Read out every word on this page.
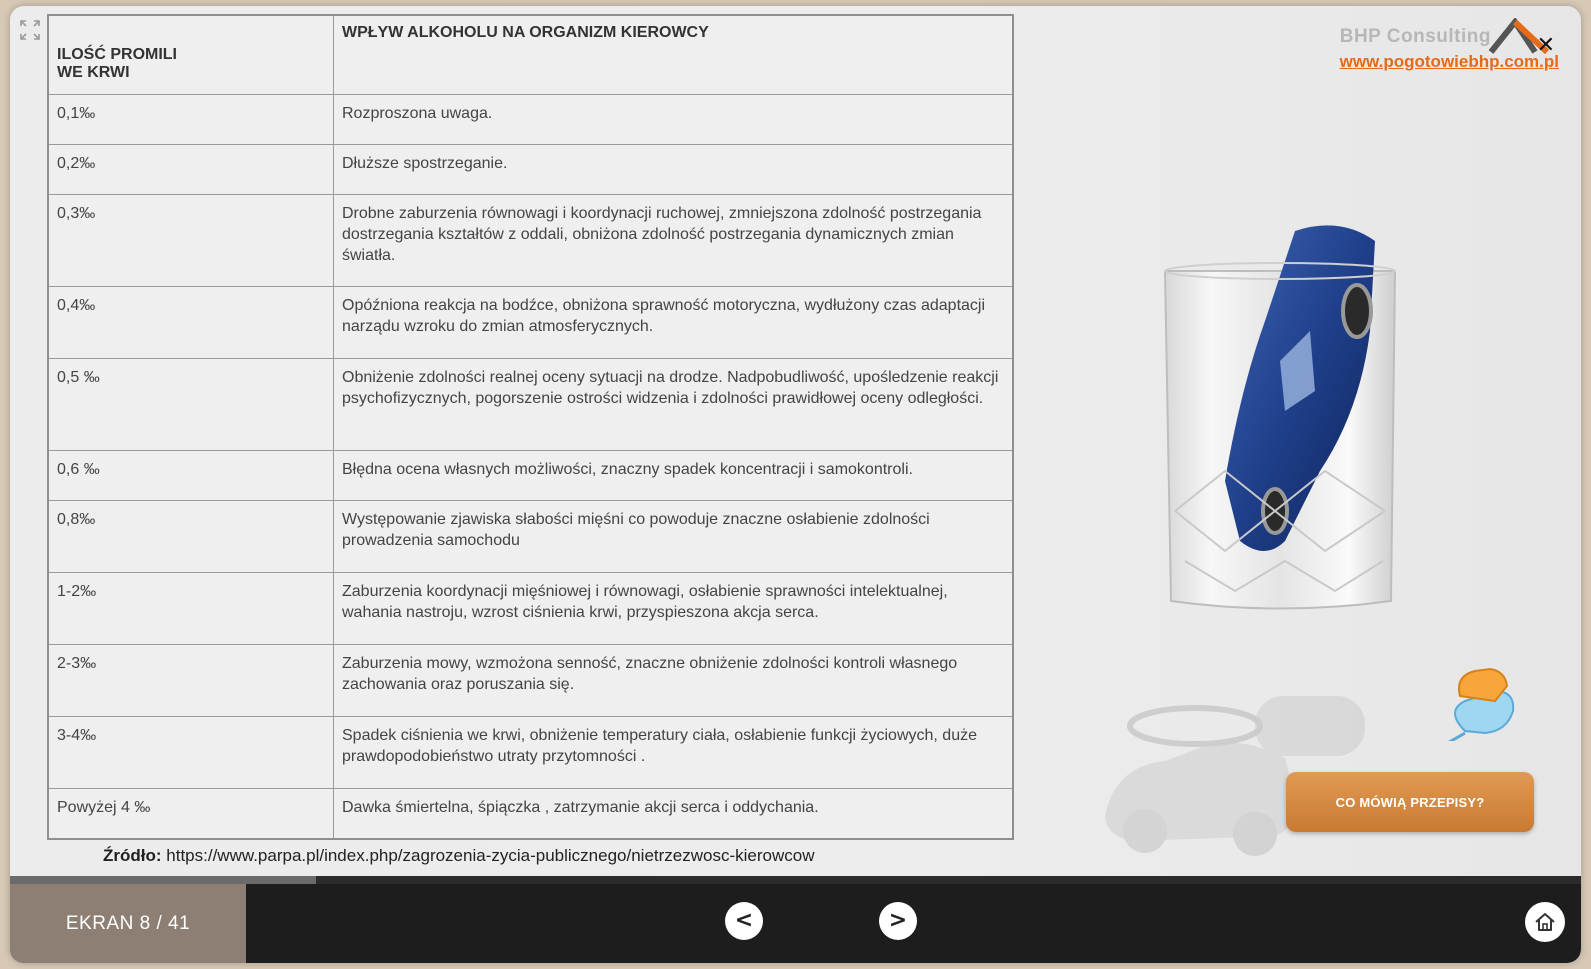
ILOŚĆ PROMILI
WE KRWI	WPŁYW ALKOHOLU NA ORGANIZM KIEROWCY
0,1‰	Rozproszona uwaga.
0,2‰	Dłuższe spostrzeganie.
0,3‰	Drobne zaburzenia równowagi i koordynacji ruchowej, zmniejszona zdolność postrzegania dostrzegania kształtów z oddali, obniżona zdolność postrzegania dynamicznych zmian światła.
0,4‰	Opóźniona reakcja na bodźce, obniżona sprawność motoryczna, wydłużony czas adaptacji narządu wzroku do zmian atmosferycznych.
0,5 ‰	Obniżenie zdolności realnej oceny sytuacji na drodze. Nadpobudliwość, upośledzenie reakcji psychofizycznych, pogorszenie ostrości widzenia i zdolności prawidłowej oceny odległości.
0,6 ‰	Błędna ocena własnych możliwości, znaczny spadek koncentracji i samokontroli.
0,8‰	Występowanie zjawiska słabości mięśni co powoduje znaczne osłabienie zdolności prowadzenia samochodu
1-2‰	Zaburzenia koordynacji mięśniowej i równowagi, osłabienie sprawności intelektualnej, wahania nastroju, wzrost ciśnienia krwi, przyspieszona akcja serca.
2-3‰	Zaburzenia mowy, wzmożona senność, znaczne obniżenie zdolności kontroli własnego zachowania oraz poruszania się.
3-4‰	Spadek ciśnienia we krwi, obniżenie temperatury ciała, osłabienie funkcji życiowych, duże prawdopodobieństwo utraty przytomności .
Powyżej 4 ‰	Dawka śmiertelna, śpiączka , zatrzymanie akcji serca i oddychania.
Źródło: https://www.parpa.pl/index.php/zagrozenia-zycia-publicznego/nietrzezwosc-kierowcow
BHP Consulting
www.pogotowiebhp.com.pl
✕
CO MÓWIĄ PRZEPISY?
EKRAN 8 / 41	<	>
